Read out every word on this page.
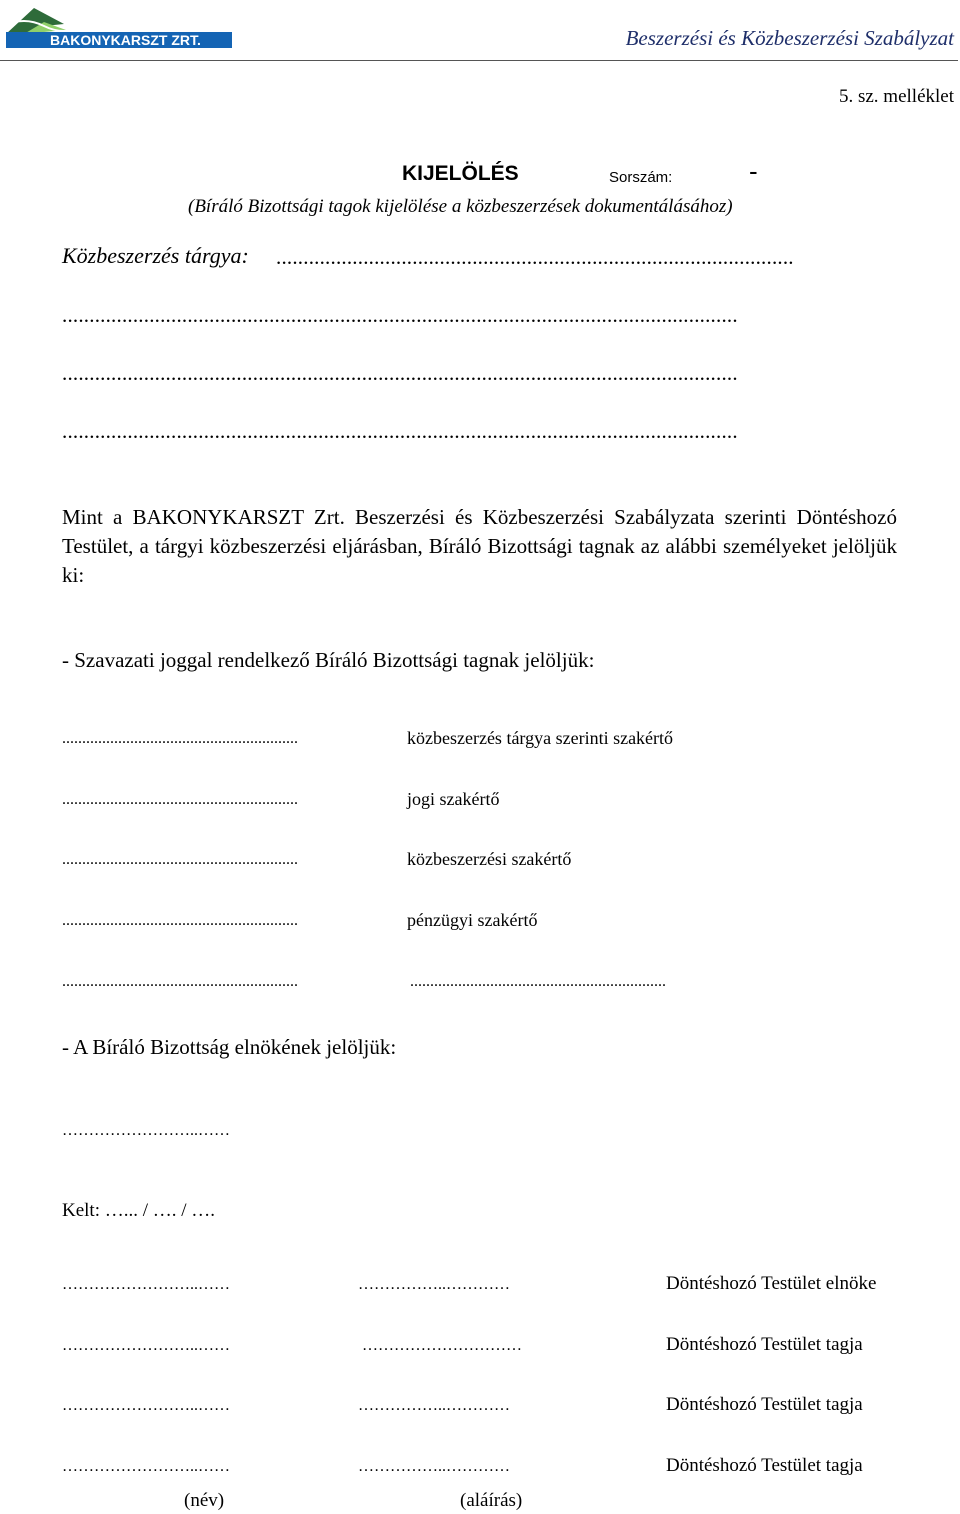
BAKONYKARSZT ZRT.	Beszerzési és Közbeszerzési Szabályzat
5. sz. melléklet
KIJELÖLÉS	Sorszám:	-
(Bíráló Bizottsági tagok kijelölése a közbeszerzések dokumentálásához)
Közbeszerzés tárgya: ...............................................................................................
............................................................................................................................
............................................................................................................................
............................................................................................................................
Mint a BAKONYKARSZT Zrt. Beszerzési és Közbeszerzési Szabályzata szerinti Döntéshozó Testület, a tárgyi közbeszerzési eljárásban, Bíráló Bizottsági tagnak az alábbi személyeket jelöljük ki:
- Szavazati joggal rendelkező Bíráló Bizottsági tagnak jelöljük:
...........................................................	közbeszerzés tárgya szerinti szakértő
...........................................................	jogi szakértő
...........................................................	közbeszerzési szakértő
...........................................................	pénzügyi szakértő
...........................................................	................................................................
- A Bíráló Bizottság elnökének jelöljük:
……………………..……
Kelt: …... / …. / ….
……………………..……	……………..…………	Döntéshozó Testület elnöke
……………………..……	…………………………	Döntéshozó Testület tagja
……………………..……	……………..…………	Döntéshozó Testület tagja
……………………..……	……………..…………	Döntéshozó Testület tagja
(név)	(aláírás)
